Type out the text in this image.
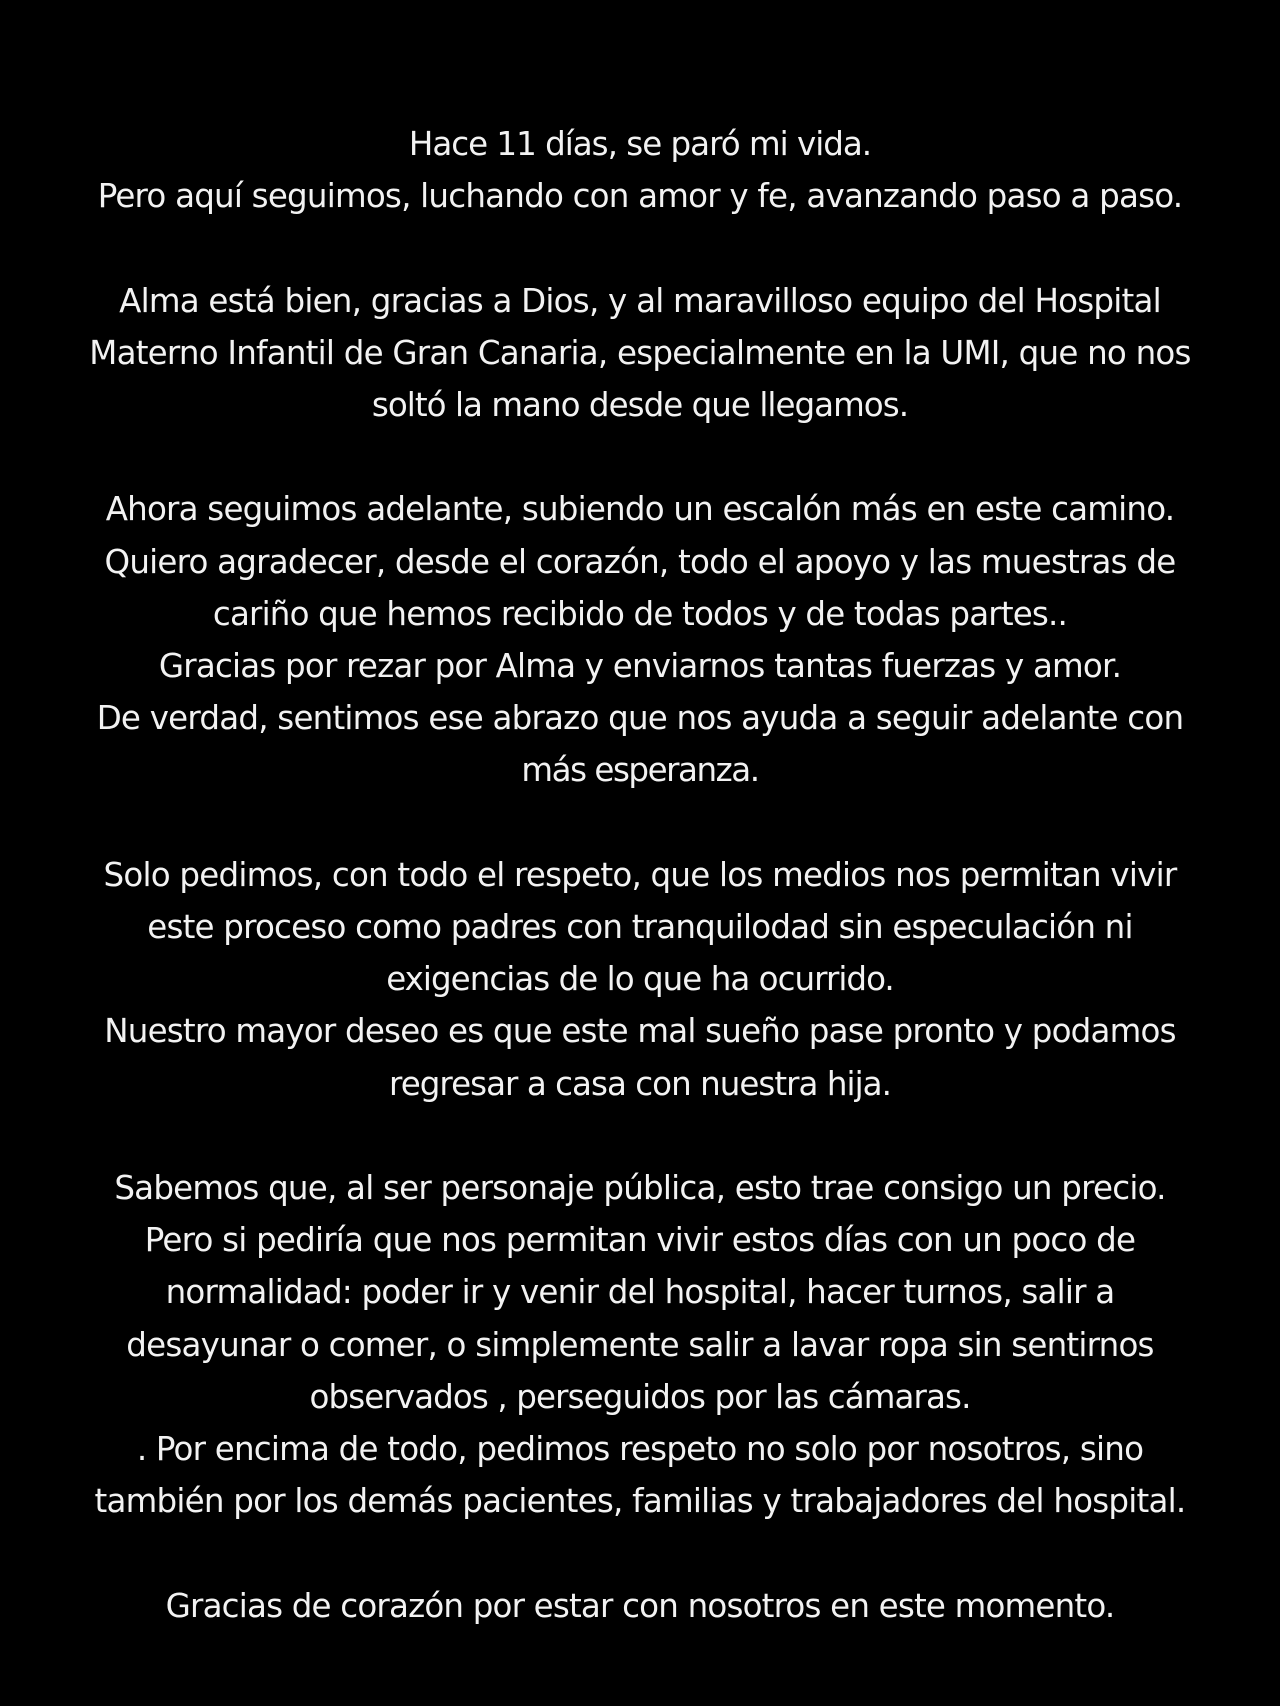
Hace 11 días, se paró mi vida.
Pero aquí seguimos, luchando con amor y fe, avanzando paso a paso.

Alma está bien, gracias a Dios, y al maravilloso equipo del Hospital
Materno Infantil de Gran Canaria, especialmente en la UMI, que no nos
soltó la mano desde que llegamos.

Ahora seguimos adelante, subiendo un escalón más en este camino.
Quiero agradecer, desde el corazón, todo el apoyo y las muestras de
cariño que hemos recibido de todos y de todas partes..
Gracias por rezar por Alma y enviarnos tantas fuerzas y amor.
De verdad, sentimos ese abrazo que nos ayuda a seguir adelante con
más esperanza.

Solo pedimos, con todo el respeto, que los medios nos permitan vivir
este proceso como padres con tranquilodad sin especulación ni
exigencias de lo que ha ocurrido.
Nuestro mayor deseo es que este mal sueño pase pronto y podamos
regresar a casa con nuestra hija.

Sabemos que, al ser personaje pública, esto trae consigo un precio.
Pero si pediría que nos permitan vivir estos días con un poco de
normalidad: poder ir y venir del hospital, hacer turnos, salir a
desayunar o comer, o simplemente salir a lavar ropa sin sentirnos
observados , perseguidos por las cámaras.
. Por encima de todo, pedimos respeto no solo por nosotros, sino
también por los demás pacientes, familias y trabajadores del hospital.

Gracias de corazón por estar con nosotros en este momento.
